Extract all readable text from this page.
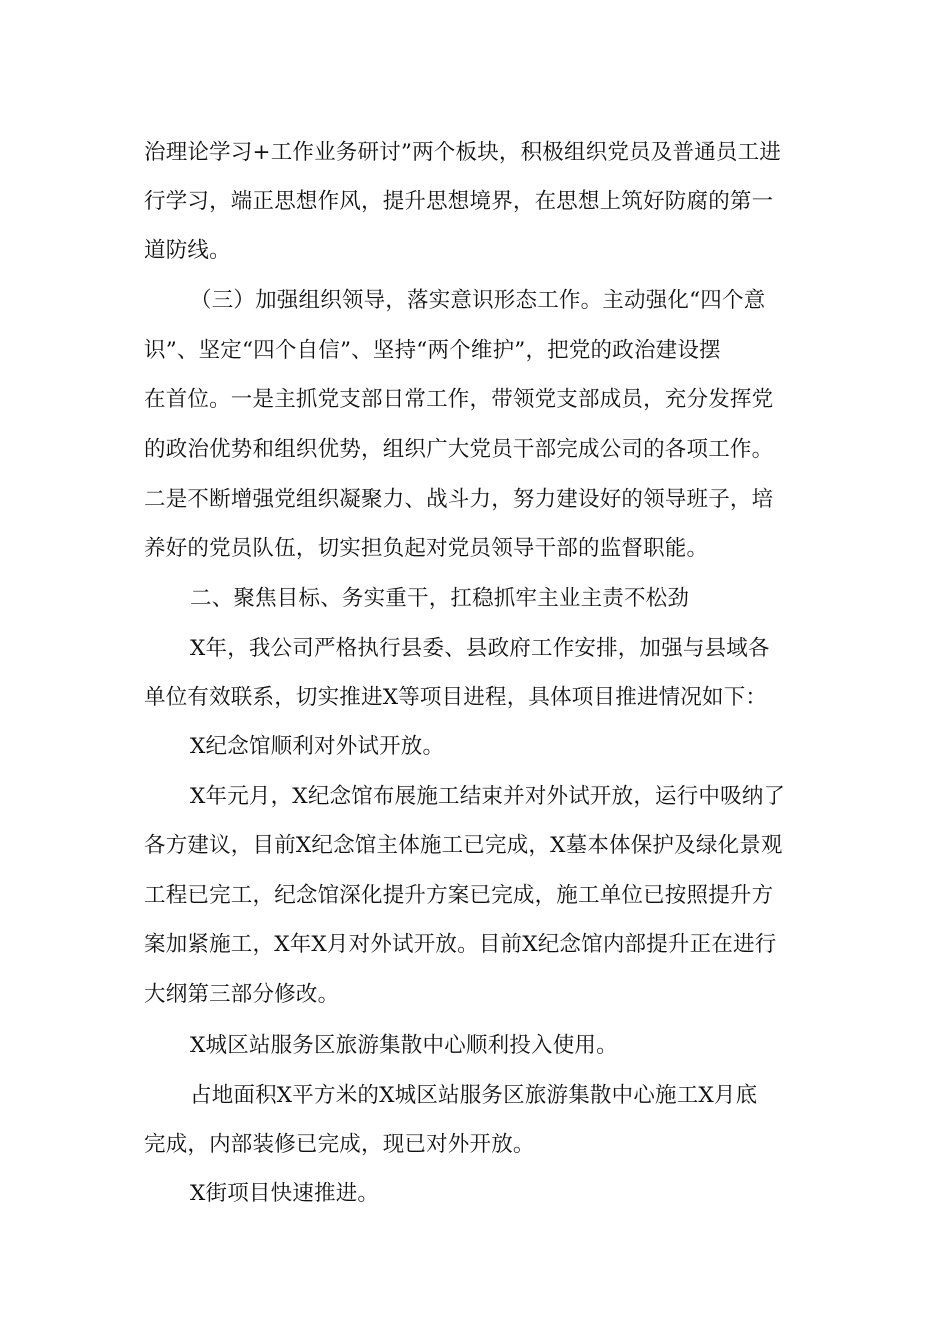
治理论学习+工作业务研讨”两个板块，积极组织党员及普通员工进
行学习，端正思想作风，提升思想境界，在思想上筑好防腐的第一
道防线。
（三）加强组织领导，落实意识形态工作。主动强化“四个意
识”、坚定“四个自信”、坚持“两个维护”，把党的政治建设摆
在首位。一是主抓党支部日常工作，带领党支部成员，充分发挥党
的政治优势和组织优势，组织广大党员干部完成公司的各项工作。
二是不断增强党组织凝聚力、战斗力，努力建设好的领导班子，培
养好的党员队伍，切实担负起对党员领导干部的监督职能。
二、聚焦目标、务实重干，扛稳抓牢主业主责不松劲
X年，我公司严格执行县委、县政府工作安排，加强与县域各
单位有效联系，切实推进X等项目进程，具体项目推进情况如下：
X纪念馆顺利对外试开放。
X年元月，X纪念馆布展施工结束并对外试开放，运行中吸纳了
各方建议，目前X纪念馆主体施工已完成，X墓本体保护及绿化景观
工程已完工，纪念馆深化提升方案已完成，施工单位已按照提升方
案加紧施工，X年X月对外试开放。目前X纪念馆内部提升正在进行
大纲第三部分修改。
X城区站服务区旅游集散中心顺利投入使用。
占地面积X平方米的X城区站服务区旅游集散中心施工X月底
完成，内部装修已完成，现已对外开放。
X街项目快速推进。
